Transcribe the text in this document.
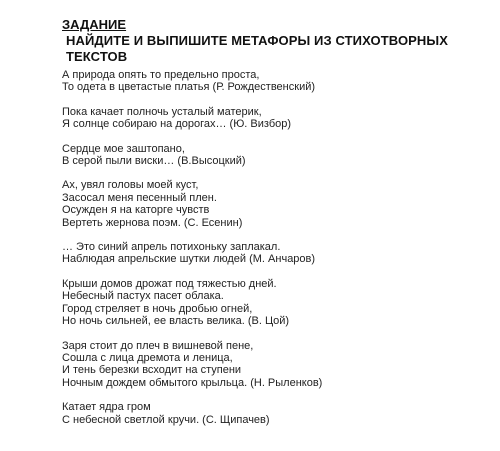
ЗАДАНИЕ
НАЙДИТЕ И ВЫПИШИТЕ МЕТАФОРЫ ИЗ СТИХОТВОРНЫХ ТЕКСТОВ
А природа опять то предельно проста,
То одета в цветастые платья (Р. Рождественский)
Пока качает полночь усталый материк,
Я солнце собираю на дорогах… (Ю. Визбор)
Сердце мое заштопано,
В серой пыли виски… (В.Высоцкий)
Ах, увял головы моей куст,
Засосал меня песенный плен.
Осужден я на каторге чувств
Вертеть жернова поэм. (С. Есенин)
… Это синий апрель потихоньку заплакал.
Наблюдая апрельские шутки людей (М. Анчаров)
Крыши домов дрожат под тяжестью дней.
Небесный пастух пасет облака.
Город стреляет в ночь дробью огней,
Но ночь сильней, ее власть велика. (В. Цой)
Заря стоит до плеч в вишневой пене,
Сошла с лица дремота и леница,
И тень березки всходит на ступени
Ночным дождем обмытого крыльца. (Н. Рыленков)
Катает ядра гром
С небесной светлой кручи. (С. Щипачев)
